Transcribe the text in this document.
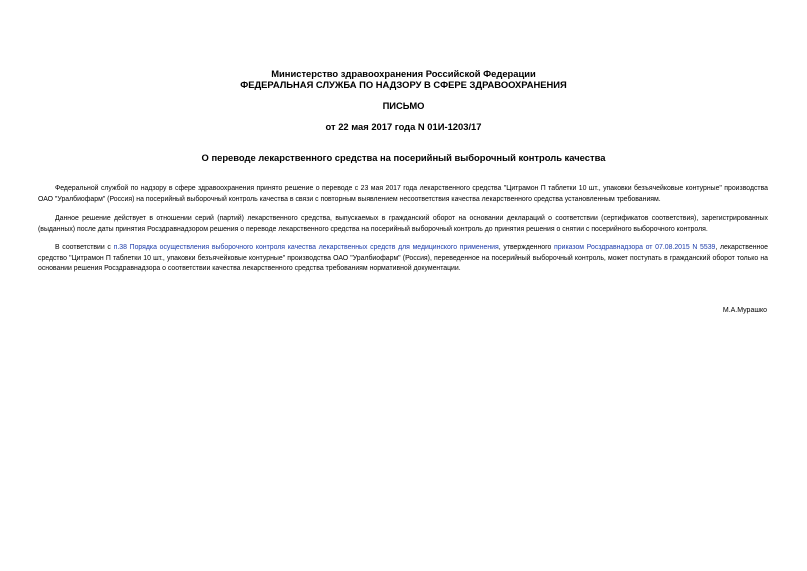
Министерство здравоохранения Российской Федерации
ФЕДЕРАЛЬНАЯ СЛУЖБА ПО НАДЗОРУ В СФЕРЕ ЗДРАВООХРАНЕНИЯ
ПИСЬМО
от 22 мая 2017 года N 01И-1203/17
О переводе лекарственного средства на посерийный выборочный контроль качества

Федеральной службой по надзору в сфере здравоохранения принято решение о переводе с 23 мая 2017 года лекарственного средства "Цитрамон П таблетки 10 шт., упаковки безъячейковые контурные" производства ОАО "Уралбиофарм" (Россия) на посерийный выборочный контроль качества в связи с повторным выявлением несоответствия качества лекарственного средства установленным требованиям.

Данное решение действует в отношении серий (партий) лекарственного средства, выпускаемых в гражданский оборот на основании деклараций о соответствии (сертификатов соответствия), зарегистрированных (выданных) после даты принятия Росздравнадзором решения о переводе лекарственного средства на посерийный выборочный контроль до принятия решения о снятии с посерийного выборочного контроля.

В соответствии с п.38 Порядка осуществления выборочного контроля качества лекарственных средств для медицинского применения, утвержденного приказом Росздравнадзора от 07.08.2015 N 5539, лекарственное средство "Цитрамон П таблетки 10 шт., упаковки безъячейковые контурные" производства ОАО "Уралбиофарм" (Россия), переведенное на посерийный выборочный контроль, может поступать в гражданский оборот только на основании решения Росздравнадзора о соответствии качества лекарственного средства требованиям нормативной документации.

М.А.Мурашко
